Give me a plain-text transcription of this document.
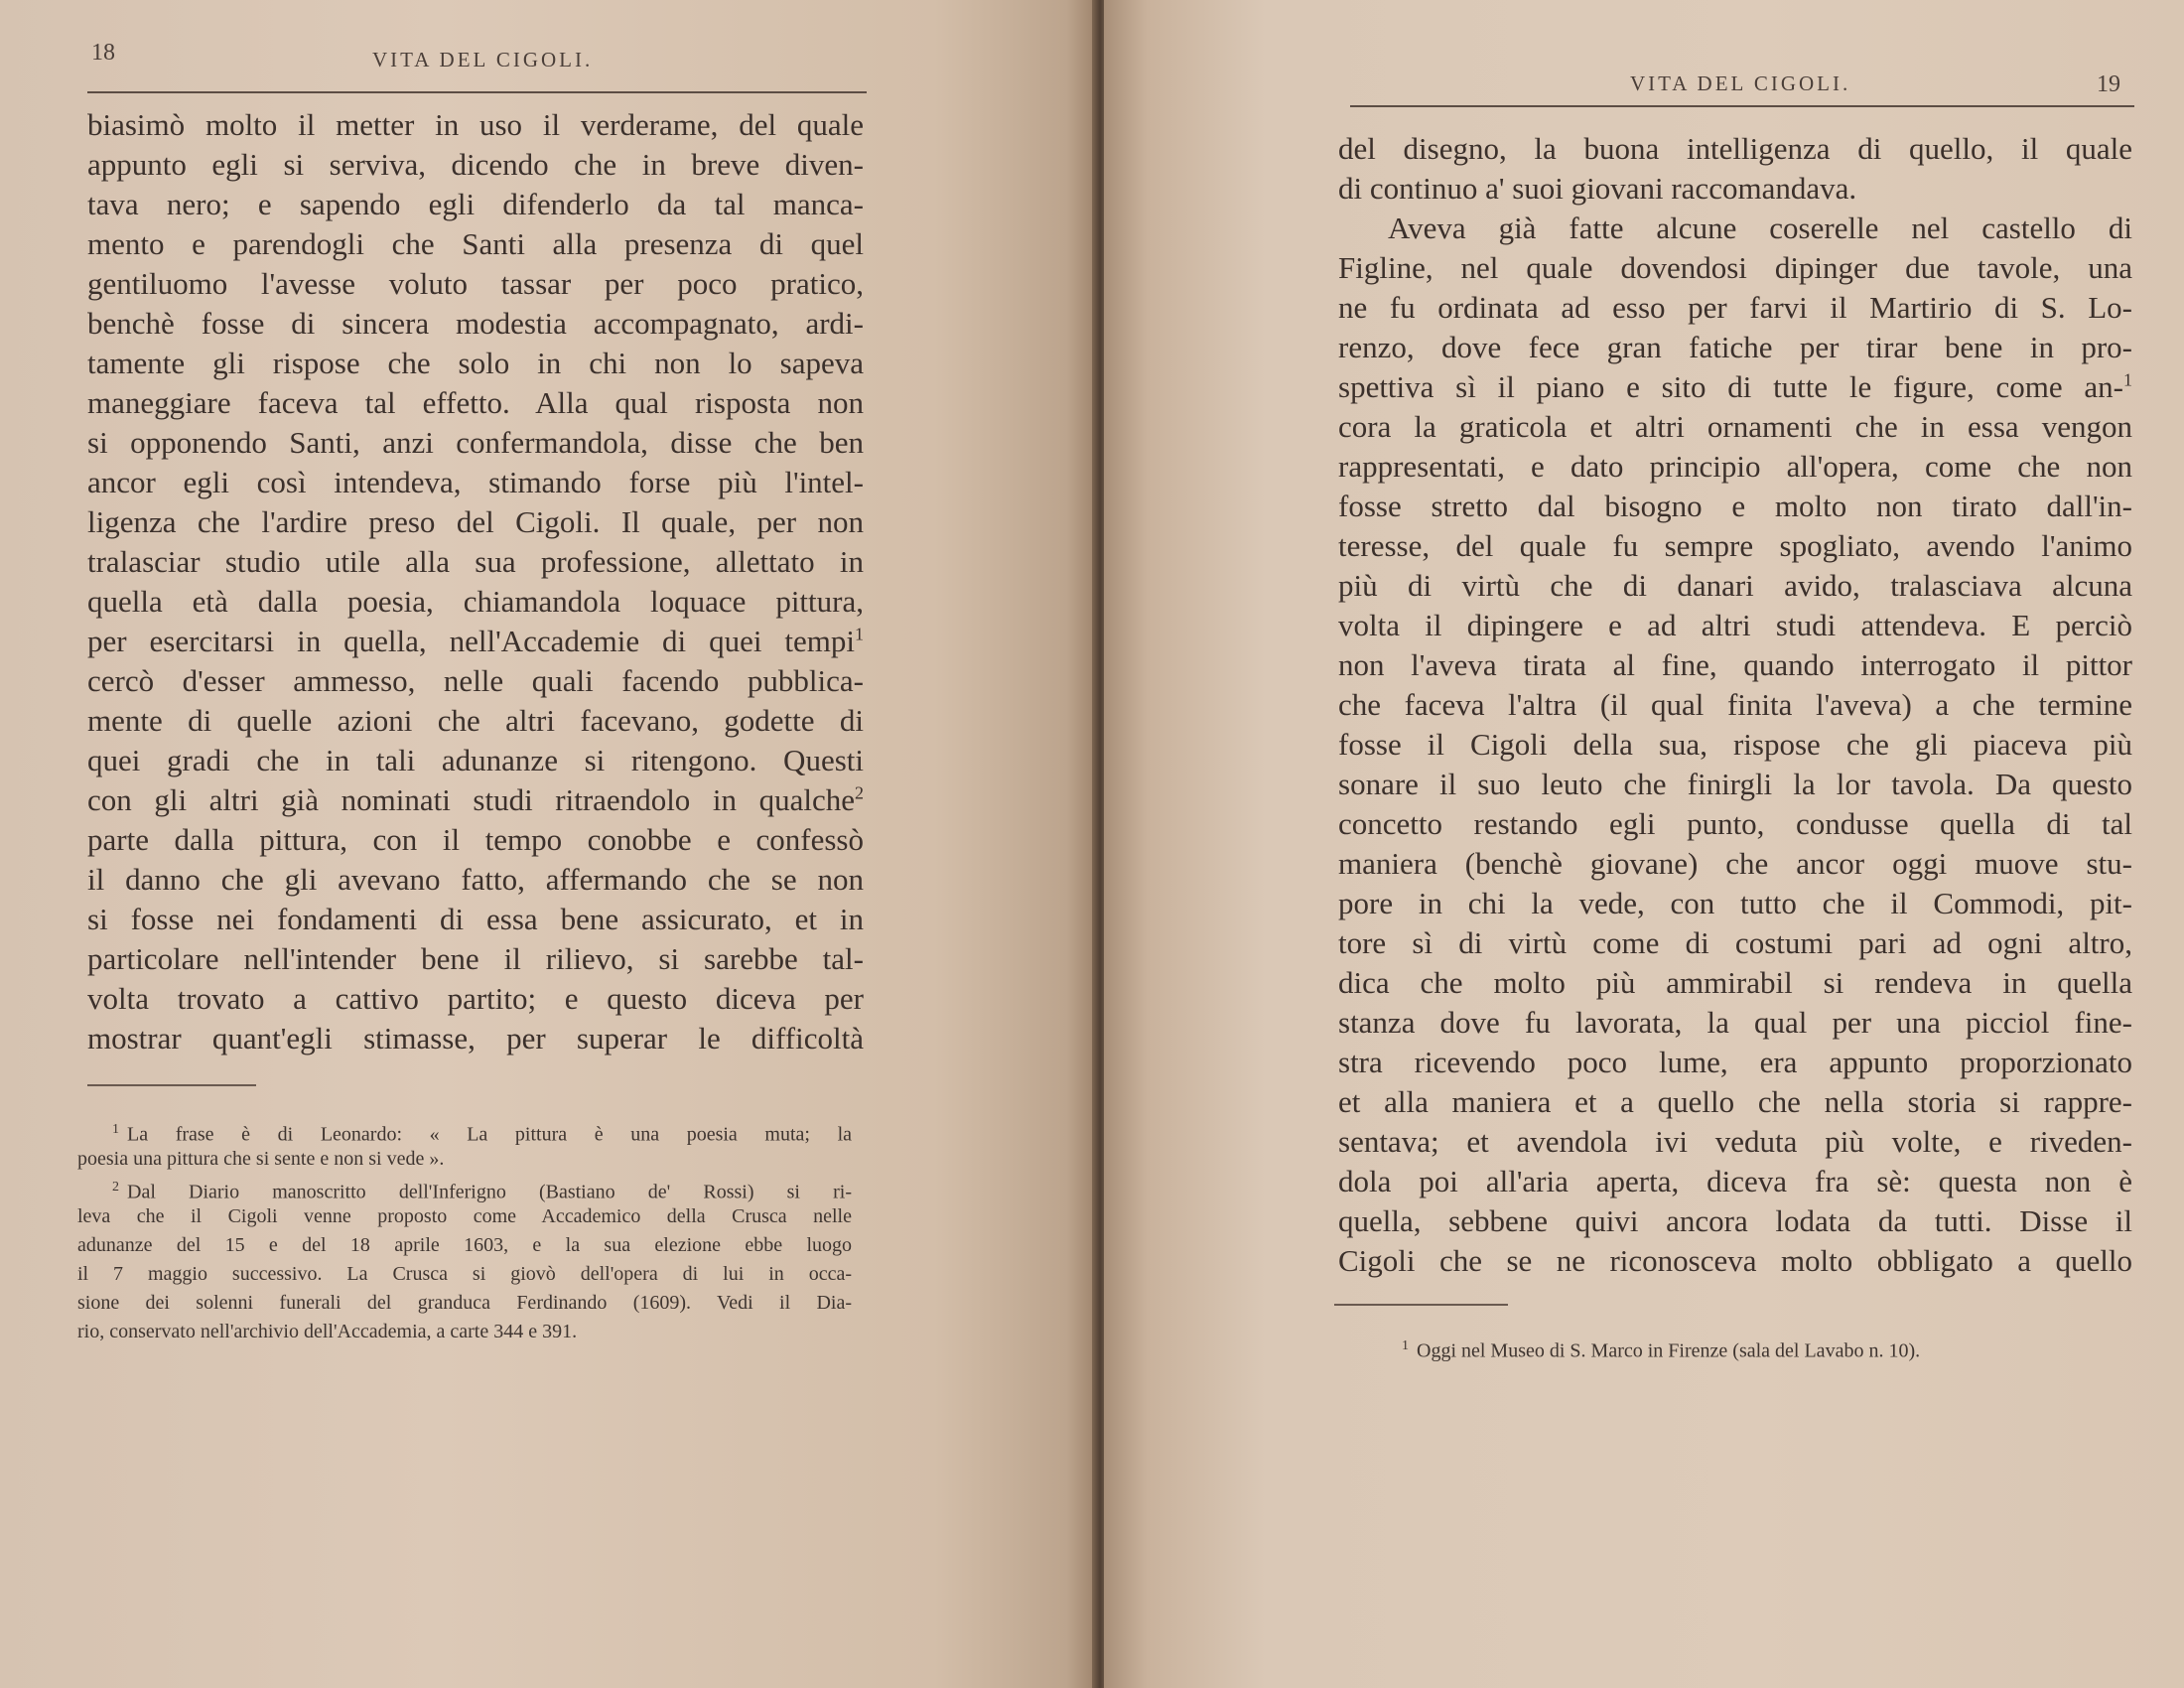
18	VITA DEL CIGOLI.
biasimò molto il metter in uso il verderame, del quale
appunto egli si serviva, dicendo che in breve diven-
tava nero; e sapendo egli difenderlo da tal manca-
mento e parendogli che Santi alla presenza di quel
gentiluomo l'avesse voluto tassar per poco pratico,
benchè fosse di sincera modestia accompagnato, ardi-
tamente gli rispose che solo in chi non lo sapeva
maneggiare faceva tal effetto. Alla qual risposta non
si opponendo Santi, anzi confermandola, disse che ben
ancor egli così intendeva, stimando forse più l'intel-
ligenza che l'ardire preso del Cigoli. Il quale, per non
tralasciar studio utile alla sua professione, allettato in
quella età dalla poesia, chiamandola loquace pittura,
per esercitarsi in quella, nell'Accademie di quei tempi$^1$
cercò d'esser ammesso, nelle quali facendo pubblica-
mente di quelle azioni che altri facevano, godette di
quei gradi che in tali adunanze si ritengono. Questi
con gli altri già nominati studi ritraendolo in qualche$^2$
parte dalla pittura, con il tempo conobbe e confessò
il danno che gli avevano fatto, affermando che se non
si fosse nei fondamenti di essa bene assicurato, et in
particolare nell'intender bene il rilievo, si sarebbe tal-
volta trovato a cattivo partito; e questo diceva per
mostrar quant'egli stimasse, per superar le difficoltà
$^1$ La frase è di Leonardo: « La pittura è una poesia muta; la
poesia una pittura che si sente e non si vede ».
$^2$ Dal Diario manoscritto dell'Inferigno (Bastiano de' Rossi) si ri-
leva che il Cigoli venne proposto come Accademico della Crusca nelle
adunanze del 15 e del 18 aprile 1603, e la sua elezione ebbe luogo
il 7 maggio successivo. La Crusca si giovò dell'opera di lui in occa-
sione dei solenni funerali del granduca Ferdinando (1609). Vedi il Dia-
rio, conservato nell'archivio dell'Accademia, a carte 344 e 391.
VITA DEL CIGOLI.	19
del disegno, la buona intelligenza di quello, il quale
di continuo a' suoi giovani raccomandava.
Aveva già fatte alcune coserelle nel castello di
Figline, nel quale dovendosi dipinger due tavole, una
ne fu ordinata ad esso per farvi il Martirio di S. Lo-
renzo, dove fece gran fatiche per tirar bene in pro-
spettiva sì il piano e sito di tutte le figure, come an-$^1$
cora la graticola et altri ornamenti che in essa vengon
rappresentati, e dato principio all'opera, come che non
fosse stretto dal bisogno e molto non tirato dall'in-
teresse, del quale fu sempre spogliato, avendo l'animo
più di virtù che di danari avido, tralasciava alcuna
volta il dipingere e ad altri studi attendeva. E perciò
non l'aveva tirata al fine, quando interrogato il pittor
che faceva l'altra (il qual finita l'aveva) a che termine
fosse il Cigoli della sua, rispose che gli piaceva più
sonare il suo leuto che finirgli la lor tavola. Da questo
concetto restando egli punto, condusse quella di tal
maniera (benchè giovane) che ancor oggi muove stu-
pore in chi la vede, con tutto che il Commodi, pit-
tore sì di virtù come di costumi pari ad ogni altro,
dica che molto più ammirabil si rendeva in quella
stanza dove fu lavorata, la qual per una picciol fine-
stra ricevendo poco lume, era appunto proporzionato
et alla maniera et a quello che nella storia si rappre-
sentava; et avendola ivi veduta più volte, e riveden-
dola poi all'aria aperta, diceva fra sè: questa non è
quella, sebbene quivi ancora lodata da tutti. Disse il
Cigoli che se ne riconosceva molto obbligato a quello
$^1$ Oggi nel Museo di S. Marco in Firenze (sala del Lavabo n. 10).
